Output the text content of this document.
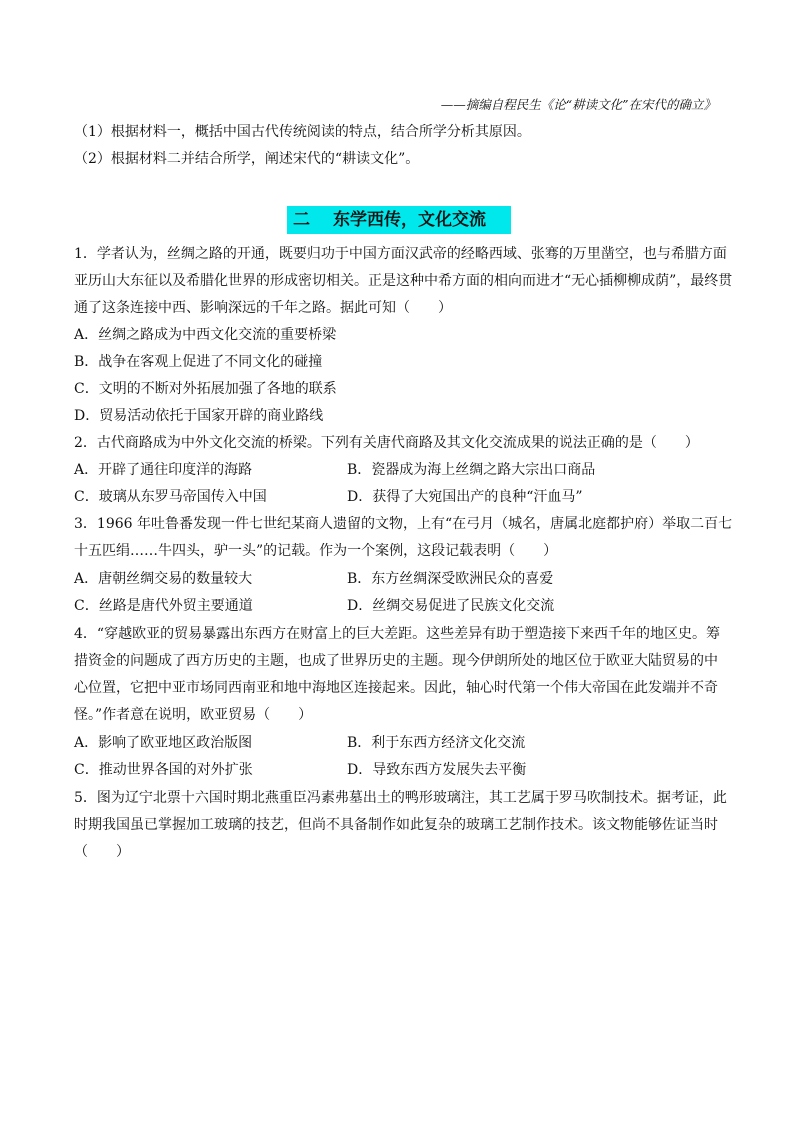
——摘编自程民生《论“耕读文化”在宋代的确立》
（1）根据材料一，概括中国古代传统阅读的特点，结合所学分析其原因。
（2）根据材料二并结合所学，阐述宋代的“耕读文化”。
二 东学西传，文化交流
1．学者认为，丝绸之路的开通，既要归功于中国方面汉武帝的经略西域、张骞的万里凿空，也与希腊方面
亚历山大东征以及希腊化世界的形成密切相关。正是这种中希方面的相向而进才“无心插柳柳成荫”，最终贯
通了这条连接中西、影响深远的千年之路。据此可知（　　）
A．丝绸之路成为中西文化交流的重要桥梁
B．战争在客观上促进了不同文化的碰撞
C．文明的不断对外拓展加强了各地的联系
D．贸易活动依托于国家开辟的商业路线
2．古代商路成为中外文化交流的桥梁。下列有关唐代商路及其文化交流成果的说法正确的是（　　）
A．开辟了通往印度洋的海路	B．瓷器成为海上丝绸之路大宗出口商品
C．玻璃从东罗马帝国传入中国	D．获得了大宛国出产的良种“汗血马”
3．1966 年吐鲁番发现一件七世纪某商人遗留的文物，上有“在弓月（城名，唐属北庭都护府）举取二百七
十五匹绢……牛四头，驴一头”的记载。作为一个案例，这段记载表明（　　）
A．唐朝丝绸交易的数量较大	B．东方丝绸深受欧洲民众的喜爱
C．丝路是唐代外贸主要通道	D．丝绸交易促进了民族文化交流
4．“穿越欧亚的贸易暴露出东西方在财富上的巨大差距。这些差异有助于塑造接下来西千年的地区史。筹
措资金的问题成了西方历史的主题，也成了世界历史的主题。现今伊朗所处的地区位于欧亚大陆贸易的中
心位置，它把中亚市场同西南亚和地中海地区连接起来。因此，轴心时代第一个伟大帝国在此发端并不奇
怪。”作者意在说明，欧亚贸易（　　）
A．影响了欧亚地区政治版图	B．利于东西方经济文化交流
C．推动世界各国的对外扩张	D．导致东西方发展失去平衡
5．图为辽宁北票十六国时期北燕重臣冯素弗墓出土的鸭形玻璃注，其工艺属于罗马吹制技术。据考证，此
时期我国虽已掌握加工玻璃的技艺，但尚不具备制作如此复杂的玻璃工艺制作技术。该文物能够佐证当时
（　　）
